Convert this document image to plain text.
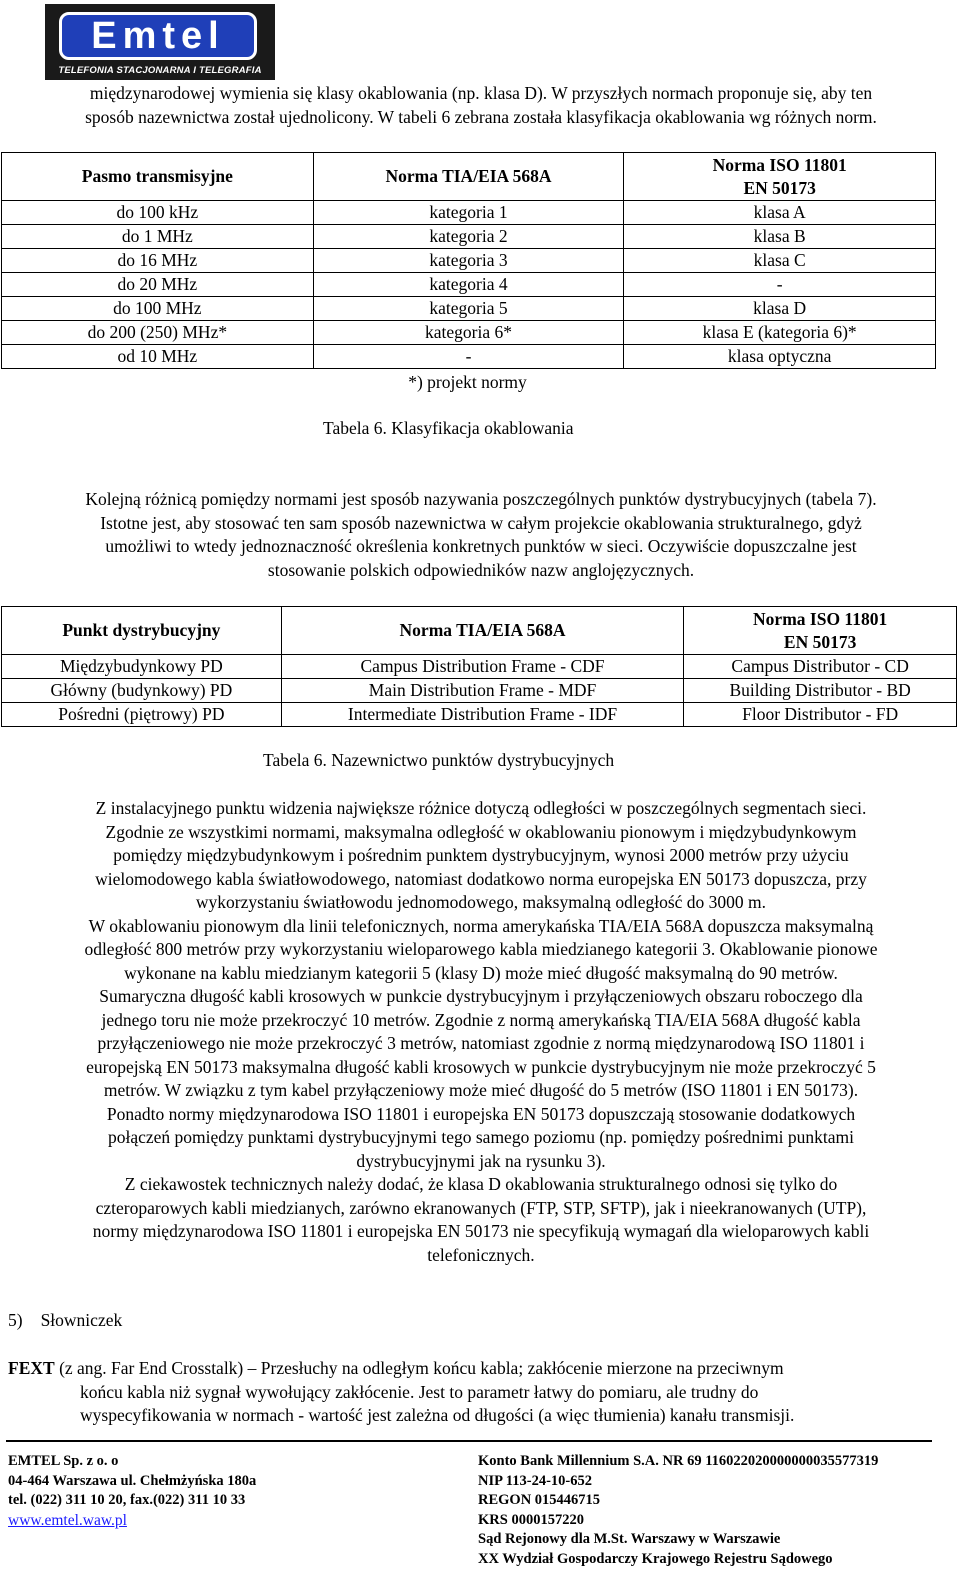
Emtel
TELEFONIA STACJONARNA I TELEGRAFIA

międzynarodowej wymienia się klasy okablowania (np. klasa D). W przyszłych normach proponuje się, aby ten

sposób nazewnictwa został ujednolicony. W tabeli 6 zebrana została klasyfikacja okablowania wg różnych norm.

Pasmo transmisyjne	Norma TIA/EIA 568A	Norma ISO 11801
EN 50173

do 100 kHz	kategoria 1	klasa A
do 1 MHz	kategoria 2	klasa B
do 16 MHz	kategoria 3	klasa C
do 20 MHz	kategoria 4	-
do 100 MHz	kategoria 5	klasa D
do 200 (250) MHz*	kategoria 6*	klasa E (kategoria 6)*
od 10 MHz	-	klasa optyczna

*) projekt normy

Tabela 6. Klasyfikacja okablowania

Kolejną różnicą pomiędzy normami jest sposób nazywania poszczególnych punktów dystrybucyjnych (tabela 7).
Istotne jest, aby stosować ten sam sposób nazewnictwa w całym projekcie okablowania strukturalnego, gdyż
umożliwi to wtedy jednoznaczność określenia konkretnych punktów w sieci. Oczywiście dopuszczalne jest
stosowanie polskich odpowiedników nazw anglojęzycznych.

Punkt dystrybucyjny	Norma TIA/EIA 568A	Norma ISO 11801
EN 50173

Międzybudynkowy PD	Campus Distribution Frame - CDF	Campus Distributor - CD
Główny (budynkowy) PD	Main Distribution Frame - MDF	Building Distributor - BD
Pośredni (piętrowy) PD	Intermediate Distribution Frame - IDF	Floor Distributor - FD

Tabela 6. Nazewnictwo punktów dystrybucyjnych

Z instalacyjnego punktu widzenia największe różnice dotyczą odległości w poszczególnych segmentach sieci.
Zgodnie ze wszystkimi normami, maksymalna odległość w okablowaniu pionowym i międzybudynkowym
pomiędzy międzybudynkowym i pośrednim punktem dystrybucyjnym, wynosi 2000 metrów przy użyciu
wielomodowego kabla światłowodowego, natomiast dodatkowo norma europejska EN 50173 dopuszcza, przy
wykorzystaniu światłowodu jednomodowego, maksymalną odległość do 3000 m.
W okablowaniu pionowym dla linii telefonicznych, norma amerykańska TIA/EIA 568A dopuszcza maksymalną
odległość 800 metrów przy wykorzystaniu wieloparowego kabla miedzianego kategorii 3. Okablowanie pionowe
wykonane na kablu miedzianym kategorii 5 (klasy D) może mieć długość maksymalną do 90 metrów.
Sumaryczna długość kabli krosowych w punkcie dystrybucyjnym i przyłączeniowych obszaru roboczego dla
jednego toru nie może przekroczyć 10 metrów. Zgodnie z normą amerykańską TIA/EIA 568A długość kabla
przyłączeniowego nie może przekroczyć 3 metrów, natomiast zgodnie z normą międzynarodową ISO 11801 i
europejską EN 50173 maksymalna długość kabli krosowych w punkcie dystrybucyjnym nie może przekroczyć 5
metrów. W związku z tym kabel przyłączeniowy może mieć długość do 5 metrów (ISO 11801 i EN 50173).
Ponadto normy międzynarodowa ISO 11801 i europejska EN 50173 dopuszczają stosowanie dodatkowych
połączeń pomiędzy punktami dystrybucyjnymi tego samego poziomu (np. pomiędzy pośrednimi punktami
dystrybucyjnymi jak na rysunku 3).
Z ciekawostek technicznych należy dodać, że klasa D okablowania strukturalnego odnosi się tylko do
czteroparowych kabli miedzianych, zarówno ekranowanych (FTP, STP, SFTP), jak i nieekranowanych (UTP),
normy międzynarodowa ISO 11801 i europejska EN 50173 nie specyfikują wymagań dla wieloparowych kabli
telefonicznych.

5) Słowniczek

FEXT (z ang. Far End Crosstalk) – Przesłuchy na odległym końcu kabla; zakłócenie mierzone na przeciwnym
końcu kabla niż sygnał wywołujący zakłócenie. Jest to parametr łatwy do pomiaru, ale trudny do
wyspecyfikowania w normach - wartość jest zależna od długości (a więc tłumienia) kanału transmisji.

EMTEL Sp. z o. o
04-464 Warszawa ul. Chełmżyńska 180a
tel. (022) 311 10 20, fax.(022) 311 10 33
www.emtel.waw.pl
Konto Bank Millennium S.A. NR 69 116022020000000035577319
NIP 113-24-10-652
REGON 015446715
KRS 0000157220
Sąd Rejonowy dla M.St. Warszawy w Warszawie
XX Wydział Gospodarczy Krajowego Rejestru Sądowego
